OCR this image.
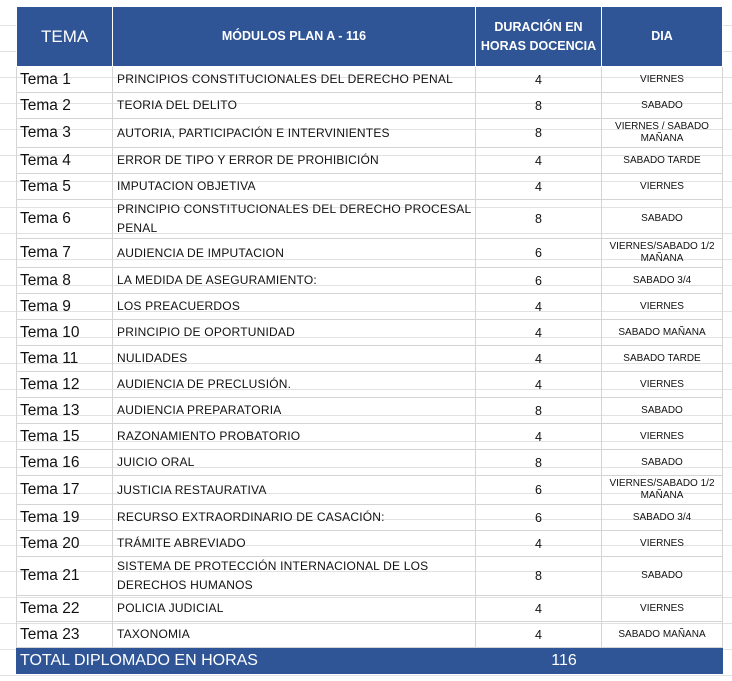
TEMA	MÓDULOS PLAN A - 116	DURACIÓN EN HORAS DOCENCIA	DIA
Tema 1	PRINCIPIOS CONSTITUCIONALES DEL DERECHO PENAL	4	VIERNES
Tema 2	TEORIA DEL DELITO	8	SABADO
Tema 3	AUTORIA, PARTICIPACIÓN E INTERVINIENTES	8	VIERNES / SABADO MAÑANA
Tema 4	ERROR DE TIPO Y ERROR DE PROHIBICIÓN	4	SABADO TARDE
Tema 5	IMPUTACION OBJETIVA	4	VIERNES
Tema 6	PRINCIPIO CONSTITUCIONALES DEL DERECHO PROCESAL PENAL	8	SABADO
Tema 7	AUDIENCIA DE IMPUTACION	6	VIERNES/SABADO 1/2 MAÑANA
Tema 8	LA MEDIDA DE ASEGURAMIENTO:	6	SABADO 3/4
Tema 9	LOS PREACUERDOS	4	VIERNES
Tema 10	PRINCIPIO DE OPORTUNIDAD	4	SABADO MAÑANA
Tema 11	NULIDADES	4	SABADO TARDE
Tema 12	AUDIENCIA DE PRECLUSIÓN.	4	VIERNES
Tema 13	AUDIENCIA PREPARATORIA	8	SABADO
Tema 15	RAZONAMIENTO PROBATORIO	4	VIERNES
Tema 16	JUICIO ORAL	8	SABADO
Tema 17	JUSTICIA RESTAURATIVA	6	VIERNES/SABADO 1/2 MAÑANA
Tema 19	RECURSO EXTRAORDINARIO DE CASACIÓN:	6	SABADO 3/4
Tema 20	TRÁMITE ABREVIADO	4	VIERNES
Tema 21	SISTEMA DE PROTECCIÓN INTERNACIONAL DE LOS DERECHOS HUMANOS	8	SABADO
Tema 22	POLICIA JUDICIAL	4	VIERNES
Tema 23	TAXONOMIA	4	SABADO MAÑANA
TOTAL DIPLOMADO EN HORAS		116	
